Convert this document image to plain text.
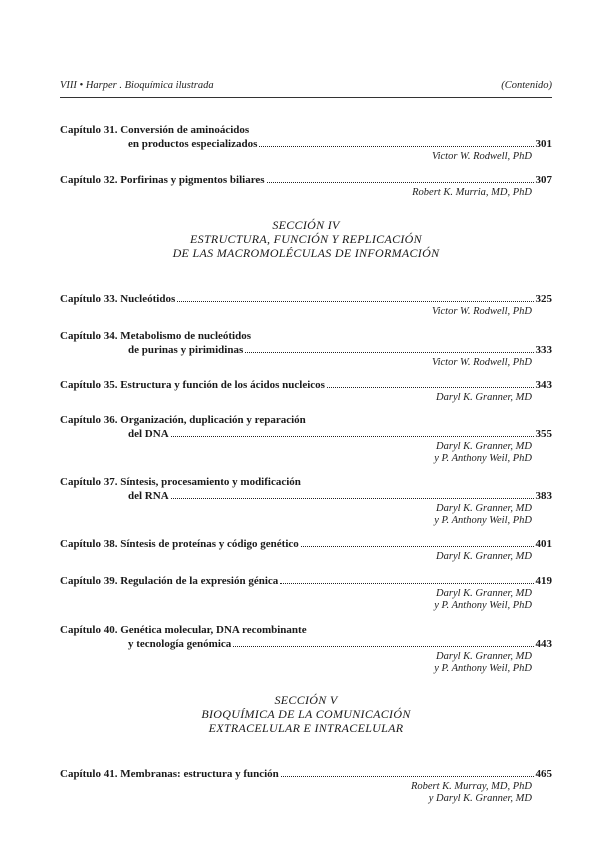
VIII • Harper . Bioquímica ilustrada	(Contenido)
SECCIÓN IV
ESTRUCTURA, FUNCIÓN Y REPLICACIÓN
DE LAS MACROMOLÉCULAS DE INFORMACIÓN
SECCIÓN V
BIOQUÍMICA DE LA COMUNICACIÓN
EXTRACELULAR E INTRACELULAR
Capítulo 31. Conversión de aminoácidos
en productos especializados	301
Victor W. Rodwell, PhD
Capítulo 32.
Porfirinas y pigmentos biliares	307
Robert K. Murria, MD, PhD
Capítulo 33.
Nucleótidos	325
Victor W. Rodwell, PhD
Capítulo 34. Metabolismo de nucleótidos
de purinas y pirimidinas	333
Victor W. Rodwell, PhD
Capítulo 35.
Estructura y función de los ácidos nucleicos	343
Daryl K. Granner, MD
Capítulo 36. Organización, duplicación y reparación
del DNA	355
Daryl K. Granner, MD
y P. Anthony Weil, PhD
Capítulo 37. Síntesis, procesamiento y modificación
del RNA	383
Daryl K. Granner, MD
y P. Anthony Weil, PhD
Capítulo 38.
Síntesis de proteínas y código genético	401
Daryl K. Granner, MD
Capítulo 39.
Regulación de la expresión génica	419
Daryl K. Granner, MD
y P. Anthony Weil, PhD
Capítulo 40. Genética molecular, DNA recombinante
y tecnología genómica	443
Daryl K. Granner, MD
y P. Anthony Weil, PhD
Capítulo 41.
Membranas: estructura y función	465
Robert K. Murray, MD, PhD
y Daryl K. Granner, MD
